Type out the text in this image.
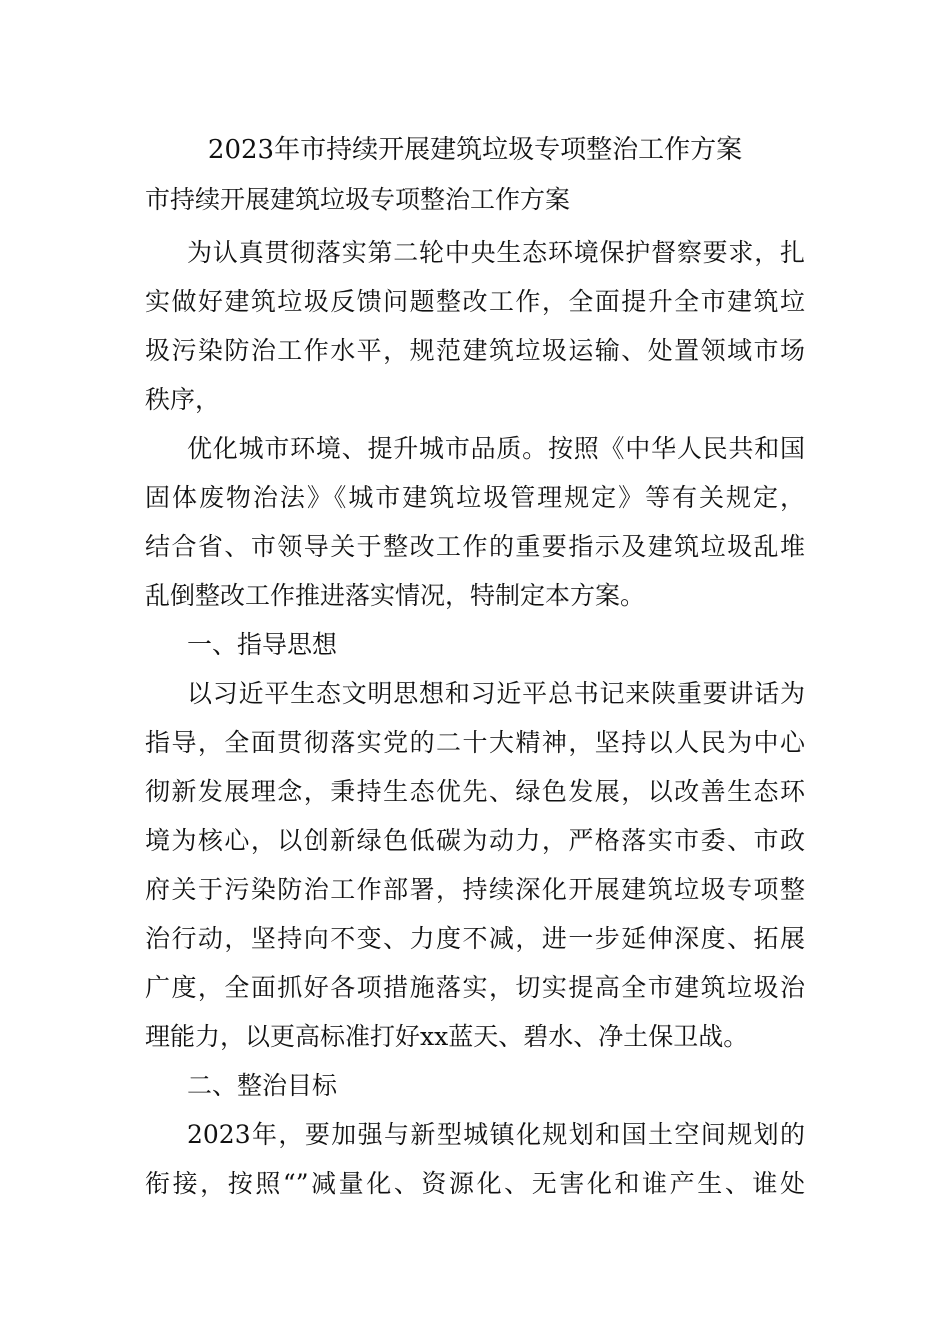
2023年市持续开展建筑垃圾专项整治工作方案

市持续开展建筑垃圾专项整治工作方案

为认真贯彻落实第二轮中央生态环境保护督察要求，扎

实做好建筑垃圾反馈问题整改工作，全面提升全市建筑垃

圾污染防治工作水平，规范建筑垃圾运输、处置领域市场

秩序，

优化城市环境、提升城市品质。按照《中华人民共和国

固体废物治法》《城市建筑垃圾管理规定》等有关规定，

结合省、市领导关于整改工作的重要指示及建筑垃圾乱堆

乱倒整改工作推进落实情况，特制定本方案。

一、指导思想

以习近平生态文明思想和习近平总书记来陕重要讲话为

指导，全面贯彻落实党的二十大精神，坚持以人民为中心

彻新发展理念，秉持生态优先、绿色发展，以改善生态环

境为核心，以创新绿色低碳为动力，严格落实市委、市政

府关于污染防治工作部署，持续深化开展建筑垃圾专项整

治行动，坚持向不变、力度不减，进一步延伸深度、拓展

广度，全面抓好各项措施落实，切实提高全市建筑垃圾治

理能力，以更高标准打好xx蓝天、碧水、净土保卫战。

二、整治目标

2023年，要加强与新型城镇化规划和国土空间规划的

衔接，按照“”减量化、资源化、无害化和谁产生、谁处
